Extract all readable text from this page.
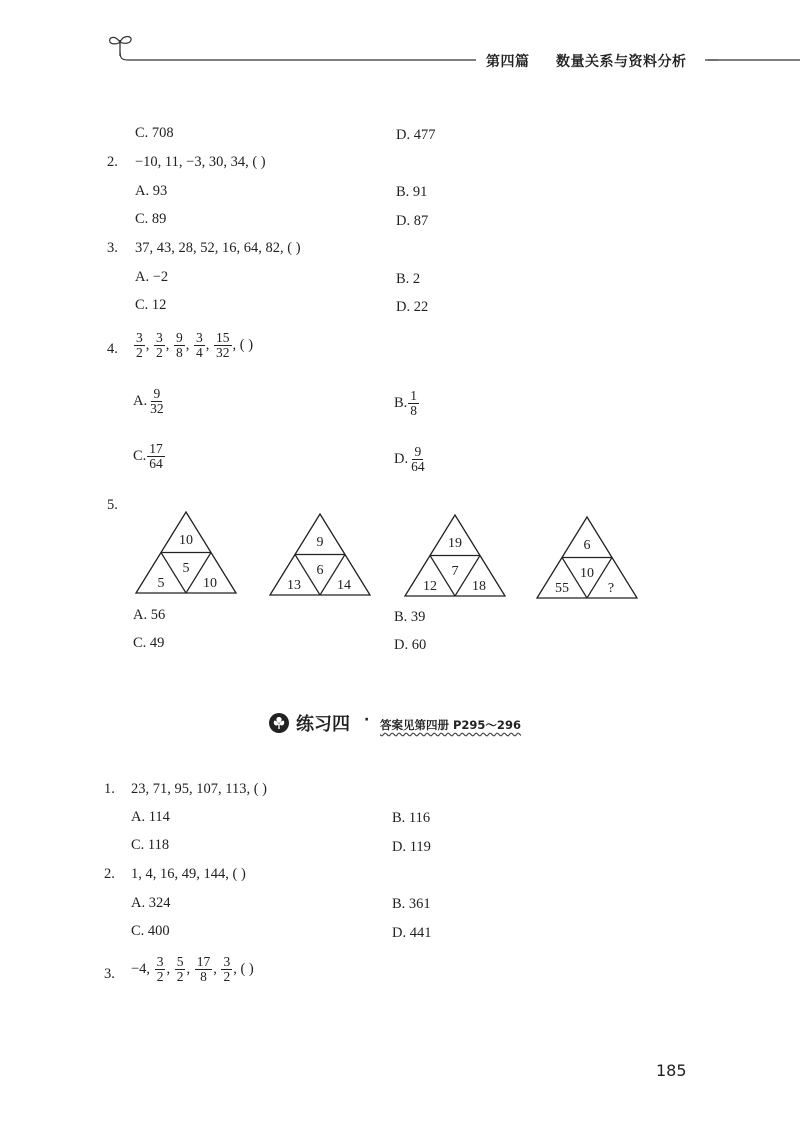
第四篇 数量关系与资料分析
C. 708	D. 477
2. −10, 11, −3, 30, 34, ( )
A. 93	B. 91
C. 89	D. 87
3. 37, 43, 28, 52, 16, 64, 82, ( )
A. −2	B. 2
C. 12	D. 22
4. $\frac{3}{2}$ , $\frac{3}{2}$ , $\frac{9}{8}$ , $\frac{3}{4}$ , $\frac{15}{32}$ , ( )
A. $\frac{9}{32}$	B. $\frac{1}{8}$
C. $\frac{17}{64}$	D. $\frac{9}{64}$
5.
10
5
5	10
9
6
13	14
19
7
12	18
6
10
55	?
A. 56	B. 39
C. 49	D. 60
练习四 · 答案见第四册 P295～296
1. 23, 71, 95, 107, 113, ( )
A. 114	B. 116
C. 118	D. 119
2. 1, 4, 16, 49, 144, ( )
A. 324	B. 361
C. 400	D. 441
3. −4, $\frac{3}{2}$ , $\frac{5}{2}$ , $\frac{17}{8}$ , $\frac{3}{2}$ , ( )
185
